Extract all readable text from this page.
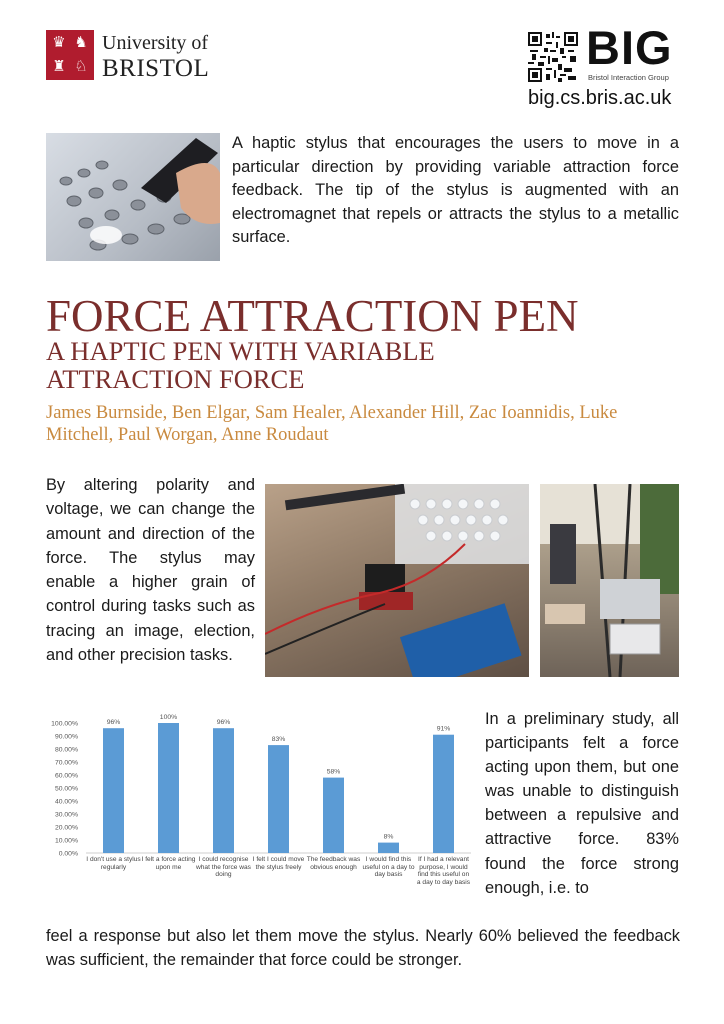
♛ ♞
♜ ♘
University of
BRISTOL	BIG
Bristol Interaction Group
big.cs.bris.ac.uk
A haptic stylus that encourages the users to move in a particular direction by providing variable attraction force feedback. The tip of the stylus is augmented with an electromagnet that repels or attracts the stylus to a metallic surface.
FORCE ATTRACTION PEN
A HAPTIC PEN WITH VARIABLE ATTRACTION FORCE
James Burnside, Ben Elgar, Sam Healer, Alexander Hill, Zac Ioannidis, Luke Mitchell, Paul Worgan, Anne Roudaut
By altering polarity and voltage, we can change the amount and direction of the force. The stylus may enable a higher grain of control during tasks such as tracing an image, election, and other precision tasks.
0.00%
10.00%
20.00%
30.00%
40.00%
50.00%
60.00%
70.00%
80.00%
90.00%
100.00%	96%
100%
96%
83%
58%
8%
91%
I don't use a stylus regularly
I felt a force acting upon me
I could recognise what the force was doing
I felt I could move the stylus freely
The feedback was obvious enough
I would find this useful on a day to day basis
If I had a relevant purpose, I would find this useful on a day to day basis
In a preliminary study, all participants felt a force acting upon them, but one was unable to distinguish between a repulsive and attractive force. 83% found the force strong enough, i.e. to
feel a response but also let them move the stylus. Nearly 60% believed the feedback was sufficient, the remainder that force could be stronger.
